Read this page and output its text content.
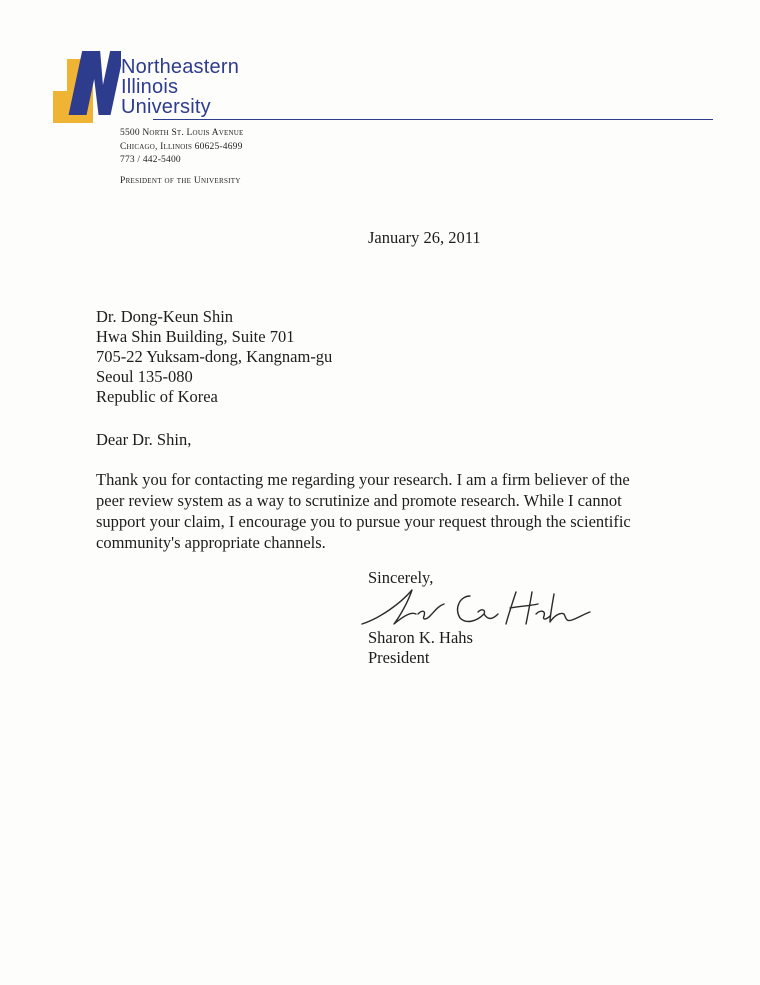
Northeastern
Illinois
University
5500 North St. Louis Avenue
Chicago, Illinois 60625-4699
773 / 442-5400
President of the University
January 26, 2011
Dr. Dong-Keun Shin
Hwa Shin Building, Suite 701
705-22 Yuksam-dong, Kangnam-gu
Seoul 135-080
Republic of Korea
Dear Dr. Shin,
Thank you for contacting me regarding your research. I am a firm believer of the
peer review system as a way to scrutinize and promote research. While I cannot
support your claim, I encourage you to pursue your request through the scientific
community's appropriate channels.
Sincerely,
Sharon K. Hahs
President
